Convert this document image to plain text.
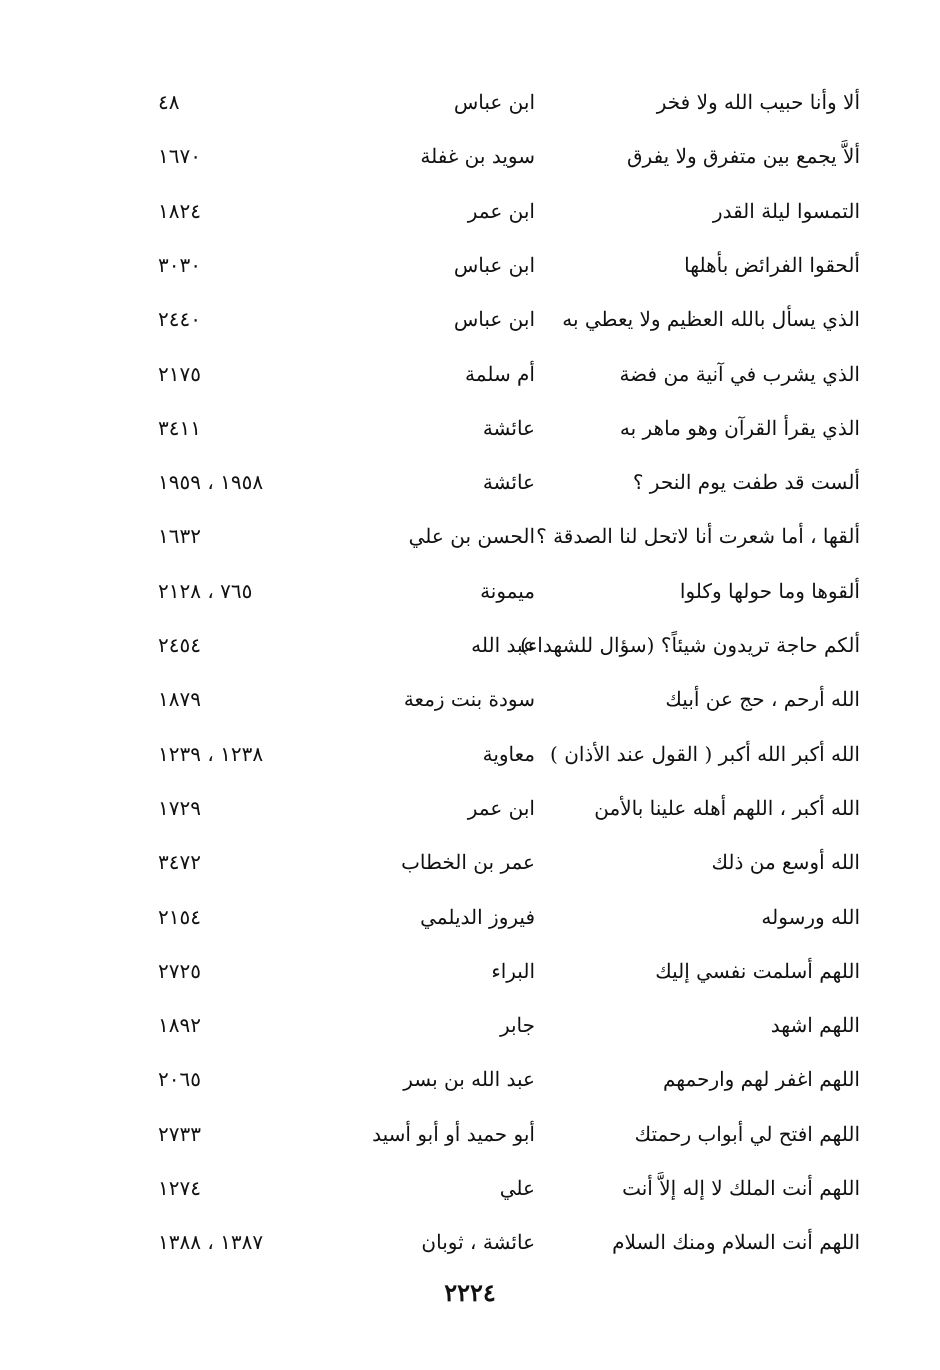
ألا وأنا حبيب الله ولا فخر
ابن عباس
٤٨
ألاَّ يجمع بين متفرق ولا يفرق
سويد بن غفلة
١٦٧٠
التمسوا ليلة القدر
ابن عمر
١٨٢٤
ألحقوا الفرائض بأهلها
ابن عباس
٣٠٣٠
الذي يسأل بالله العظيم ولا يعطي به
ابن عباس
٢٤٤٠
الذي يشرب في آنية من فضة
أم سلمة
٢١٧٥
الذي يقرأ القرآن وهو ماهر به
عائشة
٣٤١١
ألست قد طفت يوم النحر ؟
عائشة
١٩٥٨ ، ١٩٥٩
ألقها ، أما شعرت أنا لاتحل لنا الصدقة ؟
الحسن بن علي
١٦٣٢
ألقوها وما حولها وكلوا
ميمونة
٧٦٥ ، ٢١٢٨
ألكم حاجة تريدون شيئاً؟ (سؤال للشهداء)
عبد الله
٢٤٥٤
الله أرحم ، حج عن أبيك
سودة بنت زمعة
١٨٧٩
الله أكبر الله أكبر ( القول عند الأذان )
معاوية
١٢٣٨ ، ١٢٣٩
الله أكبر ، اللهم أهله علينا بالأمن
ابن عمر
١٧٢٩
الله أوسع من ذلك
عمر بن الخطاب
٣٤٧٢
الله ورسوله
فيروز الديلمي
٢١٥٤
اللهم أسلمت نفسي إليك
البراء
٢٧٢٥
اللهم اشهد
جابر
١٨٩٢
اللهم اغفر لهم وارحمهم
عبد الله بن بسر
٢٠٦٥
اللهم افتح لي أبواب رحمتك
أبو حميد أو أبو أسيد
٢٧٣٣
اللهم أنت الملك لا إله إلاَّ أنت
علي
١٢٧٤
اللهم أنت السلام ومنك السلام
عائشة ، ثوبان
١٣٨٧ ، ١٣٨٨
٢٢٢٤
